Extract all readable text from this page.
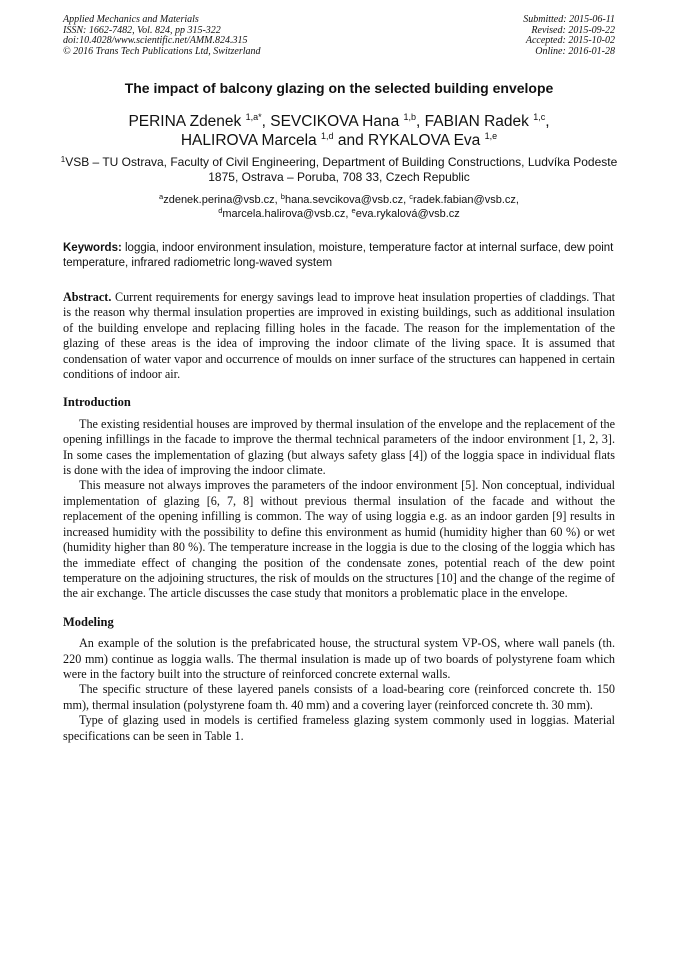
Applied Mechanics and Materials
ISSN: 1662-7482, Vol. 824, pp 315-322
doi:10.4028/www.scientific.net/AMM.824.315
© 2016 Trans Tech Publications Ltd, Switzerland
Submitted: 2015-06-11
Revised: 2015-09-22
Accepted: 2015-10-02
Online: 2016-01-28
The impact of balcony glazing on the selected building envelope
PERINA Zdenek $^{1,a*}$, SEVCIKOVA Hana $^{1,b}$, FABIAN Radek $^{1,c}$,
HALIROVA Marcela $^{1,d}$ and RYKALOVA Eva $^{1,e}$
$^1$VSB – TU Ostrava, Faculty of Civil Engineering, Department of Building Constructions, Ludvíka Podeste 1875, Ostrava – Poruba, 708 33, Czech Republic
$^a$zdenek.perina@vsb.cz, $^b$hana.sevcikova@vsb.cz, $^c$radek.fabian@vsb.cz,
$^d$marcela.halirova@vsb.cz, $^e$eva.rykalová@vsb.cz
Keywords: loggia, indoor environment insulation, moisture, temperature factor at internal surface, dew point temperature, infrared radiometric long-waved system

Abstract. Current requirements for energy savings lead to improve heat insulation properties of claddings. That is the reason why thermal insulation properties are improved in existing buildings, such as additional insulation of the building envelope and replacing filling holes in the facade. The reason for the implementation of the glazing of these areas is the idea of improving the indoor climate of the living space. It is assumed that condensation of water vapor and occurrence of moulds on inner surface of the structures can happened in certain conditions of indoor air.

Introduction

The existing residential houses are improved by thermal insulation of the envelope and the replacement of the opening infillings in the facade to improve the thermal technical parameters of the indoor environment [1, 2, 3]. In some cases the implementation of glazing (but always safety glass [4]) of the loggia space in individual flats is done with the idea of improving the indoor climate.

This measure not always improves the parameters of the indoor environment [5]. Non conceptual, individual implementation of glazing [6, 7, 8] without previous thermal insulation of the facade and without the replacement of the opening infilling is common. The way of using loggia e.g. as an indoor garden [9] results in increased humidity with the possibility to define this environment as humid (humidity higher than 60 %) or wet (humidity higher than 80 %). The temperature increase in the loggia is due to the closing of the loggia which has the immediate effect of changing the position of the condensate zones, potential reach of the dew point temperature on the adjoining structures, the risk of moulds on the structures [10] and the change of the regime of the air exchange. The article discusses the case study that monitors a problematic place in the envelope.

Modeling

An example of the solution is the prefabricated house, the structural system VP-OS, where wall panels (th. 220 mm) continue as loggia walls. The thermal insulation is made up of two boards of polystyrene foam which were in the factory built into the structure of reinforced concrete external walls.

The specific structure of these layered panels consists of a load-bearing core (reinforced concrete th. 150 mm), thermal insulation (polystyrene foam th. 40 mm) and a covering layer (reinforced concrete th. 30 mm).

Type of glazing used in models is certified frameless glazing system commonly used in loggias. Material specifications can be seen in Table 1.
